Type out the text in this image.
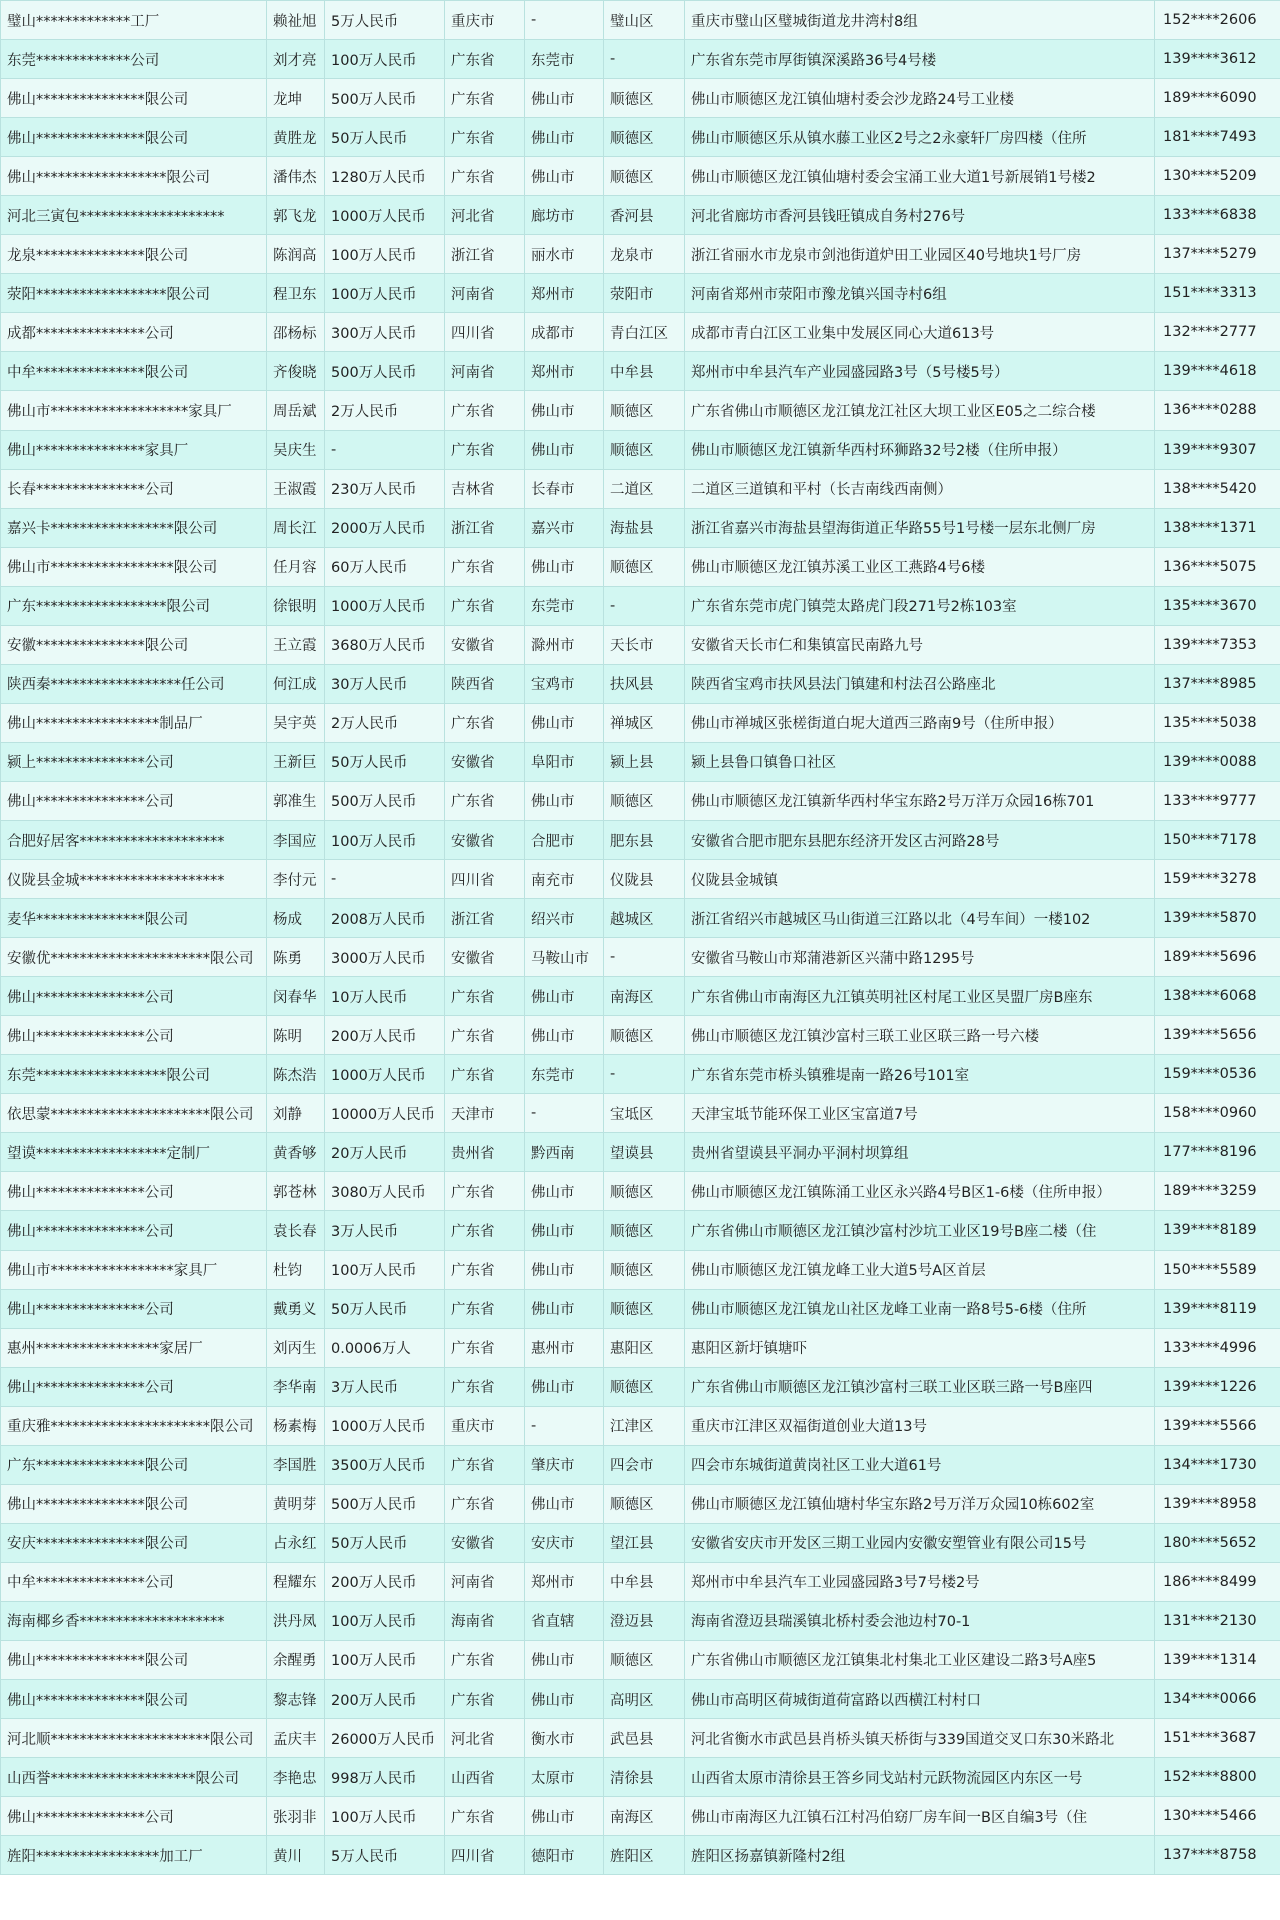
璧山*************工厂	赖祉旭	5万人民币	重庆市	-	璧山区	重庆市璧山区璧城街道龙井湾村8组	152****2606
东莞*************公司	刘才亮	100万人民币	广东省	东莞市	-	广东省东莞市厚街镇深溪路36号4号楼	139****3612
佛山***************限公司	龙坤	500万人民币	广东省	佛山市	顺德区	佛山市顺德区龙江镇仙塘村委会沙龙路24号工业楼	189****6090
佛山***************限公司	黄胜龙	50万人民币	广东省	佛山市	顺德区	佛山市顺德区乐从镇水藤工业区2号之2永豪轩厂房四楼（住所	181****7493
佛山******************限公司	潘伟杰	1280万人民币	广东省	佛山市	顺德区	佛山市顺德区龙江镇仙塘村委会宝涌工业大道1号新展销1号楼2	130****5209
河北三寅包********************	郭飞龙	1000万人民币	河北省	廊坊市	香河县	河北省廊坊市香河县钱旺镇成自务村276号	133****6838
龙泉***************限公司	陈润高	100万人民币	浙江省	丽水市	龙泉市	浙江省丽水市龙泉市剑池街道炉田工业园区40号地块1号厂房	137****5279
荥阳******************限公司	程卫东	100万人民币	河南省	郑州市	荥阳市	河南省郑州市荥阳市豫龙镇兴国寺村6组	151****3313
成都***************公司	邵杨标	300万人民币	四川省	成都市	青白江区	成都市青白江区工业集中发展区同心大道613号	132****2777
中牟***************限公司	齐俊晓	500万人民币	河南省	郑州市	中牟县	郑州市中牟县汽车产业园盛园路3号（5号楼5号）	139****4618
佛山市*******************家具厂	周岳斌	2万人民币	广东省	佛山市	顺德区	广东省佛山市顺德区龙江镇龙江社区大坝工业区E05之二综合楼	136****0288
佛山***************家具厂	吴庆生	-	广东省	佛山市	顺德区	佛山市顺德区龙江镇新华西村环狮路32号2楼（住所申报）	139****9307
长春***************公司	王淑霞	230万人民币	吉林省	长春市	二道区	二道区三道镇和平村（长吉南线西南侧）	138****5420
嘉兴卡*****************限公司	周长江	2000万人民币	浙江省	嘉兴市	海盐县	浙江省嘉兴市海盐县望海街道正华路55号1号楼一层东北侧厂房	138****1371
佛山市*****************限公司	任月容	60万人民币	广东省	佛山市	顺德区	佛山市顺德区龙江镇苏溪工业区工燕路4号6楼	136****5075
广东******************限公司	徐银明	1000万人民币	广东省	东莞市	-	广东省东莞市虎门镇莞太路虎门段271号2栋103室	135****3670
安徽***************限公司	王立霞	3680万人民币	安徽省	滁州市	天长市	安徽省天长市仁和集镇富民南路九号	139****7353
陕西秦******************任公司	何江成	30万人民币	陕西省	宝鸡市	扶风县	陕西省宝鸡市扶风县法门镇建和村法召公路座北	137****8985
佛山*****************制品厂	吴宇英	2万人民币	广东省	佛山市	禅城区	佛山市禅城区张槎街道白坭大道西三路南9号（住所申报）	135****5038
颍上***************公司	王新巨	50万人民币	安徽省	阜阳市	颍上县	颍上县鲁口镇鲁口社区	139****0088
佛山***************公司	郭准生	500万人民币	广东省	佛山市	顺德区	佛山市顺德区龙江镇新华西村华宝东路2号万洋万众园16栋701	133****9777
合肥好居客********************	李国应	100万人民币	安徽省	合肥市	肥东县	安徽省合肥市肥东县肥东经济开发区古河路28号	150****7178
仪陇县金城********************	李付元	-	四川省	南充市	仪陇县	仪陇县金城镇	159****3278
麦华***************限公司	杨成	2008万人民币	浙江省	绍兴市	越城区	浙江省绍兴市越城区马山街道三江路以北（4号车间）一楼102	139****5870
安徽优**********************限公司	陈勇	3000万人民币	安徽省	马鞍山市	-	安徽省马鞍山市郑蒲港新区兴蒲中路1295号	189****5696
佛山***************公司	闵春华	10万人民币	广东省	佛山市	南海区	广东省佛山市南海区九江镇英明社区村尾工业区昊盟厂房B座东	138****6068
佛山***************公司	陈明	200万人民币	广东省	佛山市	顺德区	佛山市顺德区龙江镇沙富村三联工业区联三路一号六楼	139****5656
东莞******************限公司	陈杰浩	1000万人民币	广东省	东莞市	-	广东省东莞市桥头镇雅堤南一路26号101室	159****0536
依思蒙**********************限公司	刘静	10000万人民币	天津市	-	宝坻区	天津宝坻节能环保工业区宝富道7号	158****0960
望谟******************定制厂	黄香够	20万人民币	贵州省	黔西南	望谟县	贵州省望谟县平洞办平洞村坝算组	177****8196
佛山***************公司	郭苍林	3080万人民币	广东省	佛山市	顺德区	佛山市顺德区龙江镇陈涌工业区永兴路4号B区1-6楼（住所申报）	189****3259
佛山***************公司	袁长春	3万人民币	广东省	佛山市	顺德区	广东省佛山市顺德区龙江镇沙富村沙坑工业区19号B座二楼（住	139****8189
佛山市*****************家具厂	杜钧	100万人民币	广东省	佛山市	顺德区	佛山市顺德区龙江镇龙峰工业大道5号A区首层	150****5589
佛山***************公司	戴勇义	50万人民币	广东省	佛山市	顺德区	佛山市顺德区龙江镇龙山社区龙峰工业南一路8号5-6楼（住所	139****8119
惠州*****************家居厂	刘丙生	0.0006万人	广东省	惠州市	惠阳区	惠阳区新圩镇塘吓	133****4996
佛山***************公司	李华南	3万人民币	广东省	佛山市	顺德区	广东省佛山市顺德区龙江镇沙富村三联工业区联三路一号B座四	139****1226
重庆雅**********************限公司	杨素梅	1000万人民币	重庆市	-	江津区	重庆市江津区双福街道创业大道13号	139****5566
广东***************限公司	李国胜	3500万人民币	广东省	肇庆市	四会市	四会市东城街道黄岗社区工业大道61号	134****1730
佛山***************限公司	黄明芽	500万人民币	广东省	佛山市	顺德区	佛山市顺德区龙江镇仙塘村华宝东路2号万洋万众园10栋602室	139****8958
安庆***************限公司	占永红	50万人民币	安徽省	安庆市	望江县	安徽省安庆市开发区三期工业园内安徽安塑管业有限公司15号	180****5652
中牟***************公司	程耀东	200万人民币	河南省	郑州市	中牟县	郑州市中牟县汽车工业园盛园路3号7号楼2号	186****8499
海南椰乡香********************	洪丹凤	100万人民币	海南省	省直辖	澄迈县	海南省澄迈县瑞溪镇北桥村委会池边村70-1	131****2130
佛山***************限公司	余醒勇	100万人民币	广东省	佛山市	顺德区	广东省佛山市顺德区龙江镇集北村集北工业区建设二路3号A座5	139****1314
佛山***************限公司	黎志锋	200万人民币	广东省	佛山市	高明区	佛山市高明区荷城街道荷富路以西横江村村口	134****0066
河北顺**********************限公司	孟庆丰	26000万人民币	河北省	衡水市	武邑县	河北省衡水市武邑县肖桥头镇天桥街与339国道交叉口东30米路北	151****3687
山西誉********************限公司	李艳忠	998万人民币	山西省	太原市	清徐县	山西省太原市清徐县王答乡同戈站村元跃物流园区内东区一号	152****8800
佛山***************公司	张羽非	100万人民币	广东省	佛山市	南海区	佛山市南海区九江镇石江村冯伯窈厂房车间一B区自编3号（住	130****5466
旌阳*****************加工厂	黄川	5万人民币	四川省	德阳市	旌阳区	旌阳区扬嘉镇新隆村2组	137****8758
